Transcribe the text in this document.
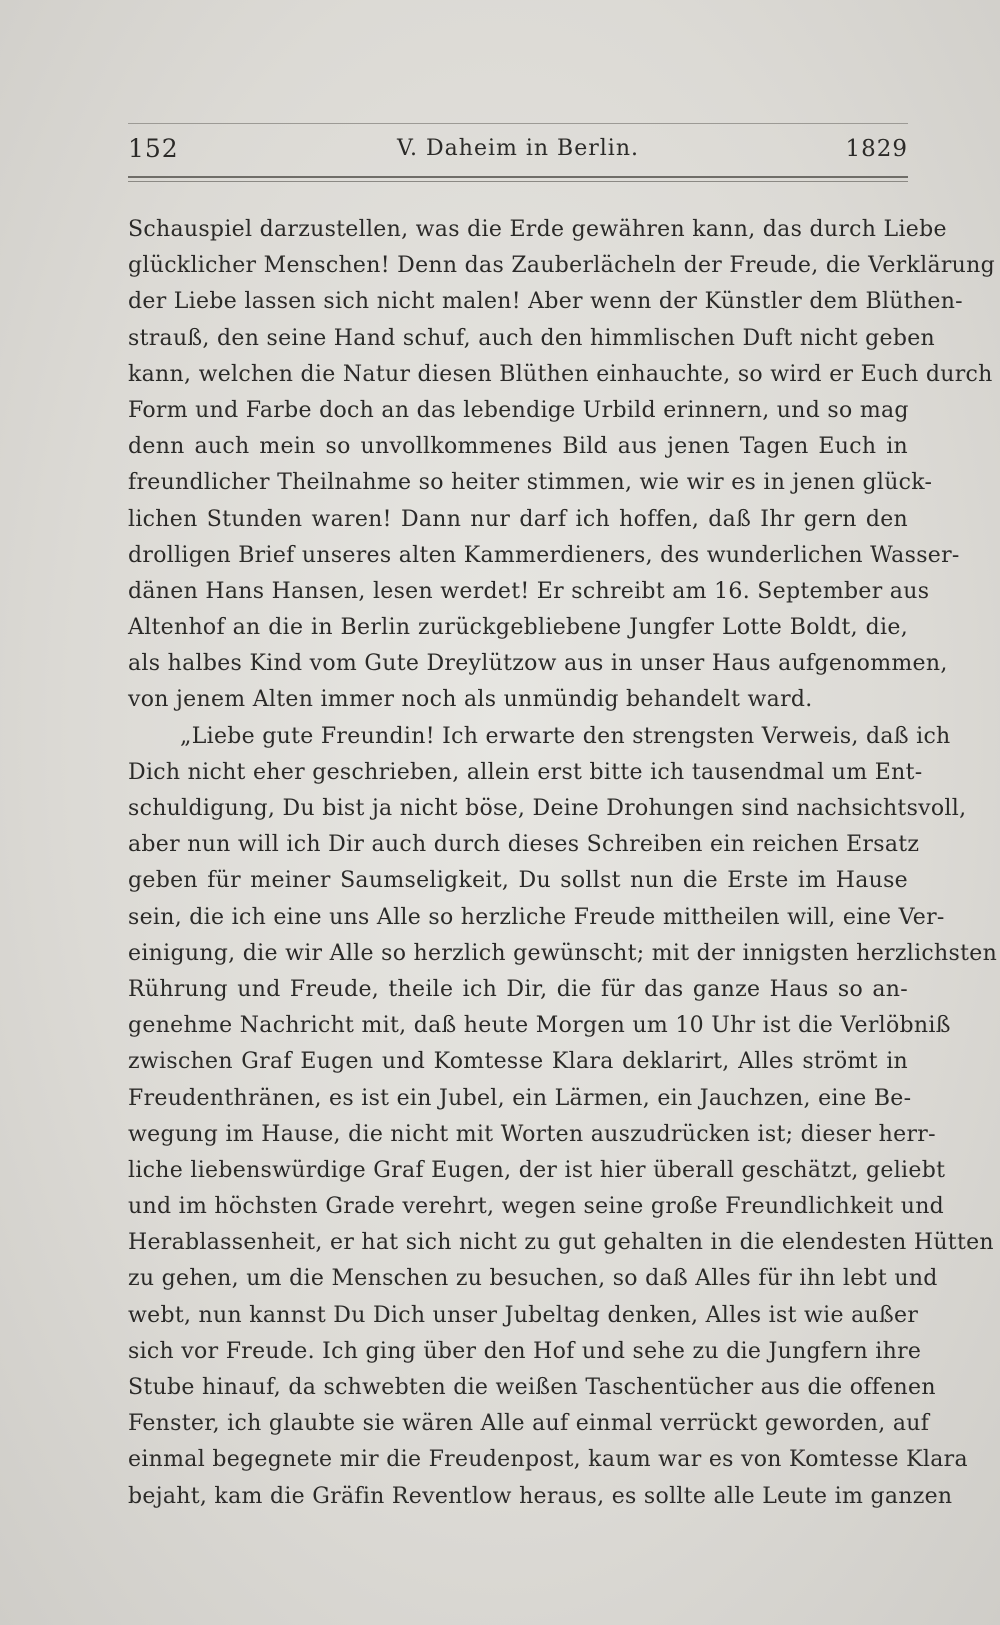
152	V. Daheim in Berlin.	1829
Schauspiel darzustellen, was die Erde gewähren kann, das durch Liebe
glücklicher Menschen! Denn das Zauberlächeln der Freude, die Verklärung
der Liebe lassen sich nicht malen! Aber wenn der Künstler dem Blüthen-
strauß, den seine Hand schuf, auch den himmlischen Duft nicht geben
kann, welchen die Natur diesen Blüthen einhauchte, so wird er Euch durch
Form und Farbe doch an das lebendige Urbild erinnern, und so mag
denn auch mein so unvollkommenes Bild aus jenen Tagen Euch in
freundlicher Theilnahme so heiter stimmen, wie wir es in jenen glück-
lichen Stunden waren! Dann nur darf ich hoffen, daß Ihr gern den
drolligen Brief unseres alten Kammerdieners, des wunderlichen Wasser-
dänen Hans Hansen, lesen werdet! Er schreibt am 16. September aus
Altenhof an die in Berlin zurückgebliebene Jungfer Lotte Boldt, die,
als halbes Kind vom Gute Dreylützow aus in unser Haus aufgenommen,
von jenem Alten immer noch als unmündig behandelt ward.
„Liebe gute Freundin! Ich erwarte den strengsten Verweis, daß ich
Dich nicht eher geschrieben, allein erst bitte ich tausendmal um Ent-
schuldigung, Du bist ja nicht böse, Deine Drohungen sind nachsichtsvoll,
aber nun will ich Dir auch durch dieses Schreiben ein reichen Ersatz
geben für meiner Saumseligkeit, Du sollst nun die Erste im Hause
sein, die ich eine uns Alle so herzliche Freude mittheilen will, eine Ver-
einigung, die wir Alle so herzlich gewünscht; mit der innigsten herzlichsten
Rührung und Freude, theile ich Dir, die für das ganze Haus so an-
genehme Nachricht mit, daß heute Morgen um 10 Uhr ist die Verlöbniß
zwischen Graf Eugen und Komtesse Klara deklarirt, Alles strömt in
Freudenthränen, es ist ein Jubel, ein Lärmen, ein Jauchzen, eine Be-
wegung im Hause, die nicht mit Worten auszudrücken ist; dieser herr-
liche liebenswürdige Graf Eugen, der ist hier überall geschätzt, geliebt
und im höchsten Grade verehrt, wegen seine große Freundlichkeit und
Herablassenheit, er hat sich nicht zu gut gehalten in die elendesten Hütten
zu gehen, um die Menschen zu besuchen, so daß Alles für ihn lebt und
webt, nun kannst Du Dich unser Jubeltag denken, Alles ist wie außer
sich vor Freude. Ich ging über den Hof und sehe zu die Jungfern ihre
Stube hinauf, da schwebten die weißen Taschentücher aus die offenen
Fenster, ich glaubte sie wären Alle auf einmal verrückt geworden, auf
einmal begegnete mir die Freudenpost, kaum war es von Komtesse Klara
bejaht, kam die Gräfin Reventlow heraus, es sollte alle Leute im ganzen
